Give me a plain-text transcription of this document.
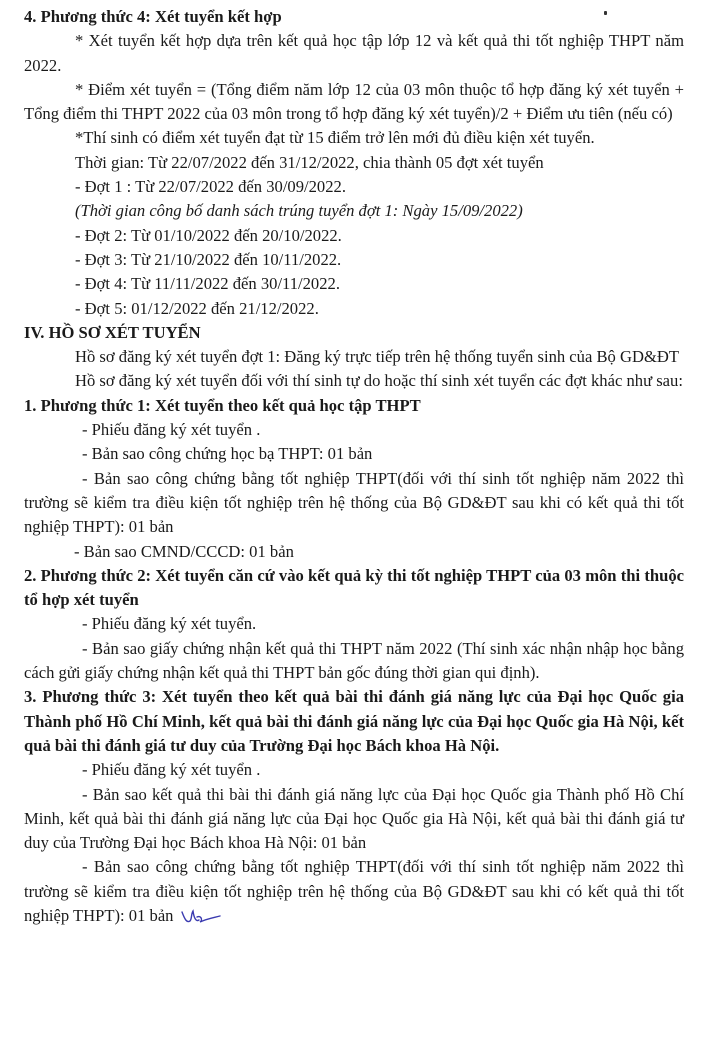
4. Phương thức 4: Xét tuyển kết hợp

* Xét tuyển kết hợp dựa trên kết quả học tập lớp 12 và kết quả thi tốt nghiệp THPT năm 2022.

* Điểm xét tuyển = (Tổng điểm năm lớp 12 của 03 môn thuộc tổ hợp đăng ký xét tuyển + Tổng điểm thi THPT 2022 của 03 môn trong tổ hợp đăng ký xét tuyển)/2 + Điểm ưu tiên (nếu có)

*Thí sinh có điểm xét tuyển đạt từ 15 điểm trở lên mới đủ điều kiện xét tuyển.

Thời gian: Từ 22/07/2022 đến 31/12/2022, chia thành 05 đợt xét tuyển

- Đợt 1 : Từ 22/07/2022 đến 30/09/2022.

(Thời gian công bố danh sách trúng tuyển đợt 1: Ngày 15/09/2022)

- Đợt 2: Từ 01/10/2022 đến 20/10/2022.

- Đợt 3: Từ 21/10/2022 đến 10/11/2022.

- Đợt 4: Từ 11/11/2022 đến 30/11/2022.

- Đợt 5: 01/12/2022 đến 21/12/2022.

IV. HỒ SƠ XÉT TUYỂN

Hồ sơ đăng ký xét tuyển đợt 1: Đăng ký trực tiếp trên hệ thống tuyển sinh của Bộ GD&ĐT

Hồ sơ đăng ký xét tuyển đối với thí sinh tự do hoặc thí sinh xét tuyển các đợt khác như sau:

1. Phương thức 1: Xét tuyển theo kết quả học tập THPT

- Phiếu đăng ký xét tuyển .

- Bản sao công chứng học bạ THPT: 01 bản

- Bản sao công chứng bằng tốt nghiệp THPT(đối với thí sinh tốt nghiệp năm 2022 thì trường sẽ kiểm tra điều kiện tốt nghiệp trên hệ thống của Bộ GD&ĐT sau khi có kết quả thi tốt nghiệp THPT): 01 bản

- Bản sao CMND/CCCD: 01 bản

2. Phương thức 2: Xét tuyển căn cứ vào kết quả kỳ thi tốt nghiệp THPT của 03 môn thi thuộc tổ hợp xét tuyển

- Phiếu đăng ký xét tuyển.

- Bản sao giấy chứng nhận kết quả thi THPT năm 2022 (Thí sinh xác nhận nhập học bằng cách gửi giấy chứng nhận kết quả thi THPT bản gốc đúng thời gian qui định).

3. Phương thức 3: Xét tuyển theo kết quả bài thi đánh giá năng lực của Đại học Quốc gia Thành phố Hồ Chí Minh, kết quả bài thi đánh giá năng lực của Đại học Quốc gia Hà Nội, kết quả bài thi đánh giá tư duy của Trường Đại học Bách khoa Hà Nội.

- Phiếu đăng ký xét tuyển .

- Bản sao kết quả thi bài thi đánh giá năng lực của Đại học Quốc gia Thành phố Hồ Chí Minh, kết quả bài thi đánh giá năng lực của Đại học Quốc gia Hà Nội, kết quả bài thi đánh giá tư duy của Trường Đại học Bách khoa Hà Nội: 01 bản

- Bản sao công chứng bằng tốt nghiệp THPT(đối với thí sinh tốt nghiệp năm 2022 thì trường sẽ kiểm tra điều kiện tốt nghiệp trên hệ thống của Bộ GD&ĐT sau khi có kết quả thi tốt nghiệp THPT): 01 bản
